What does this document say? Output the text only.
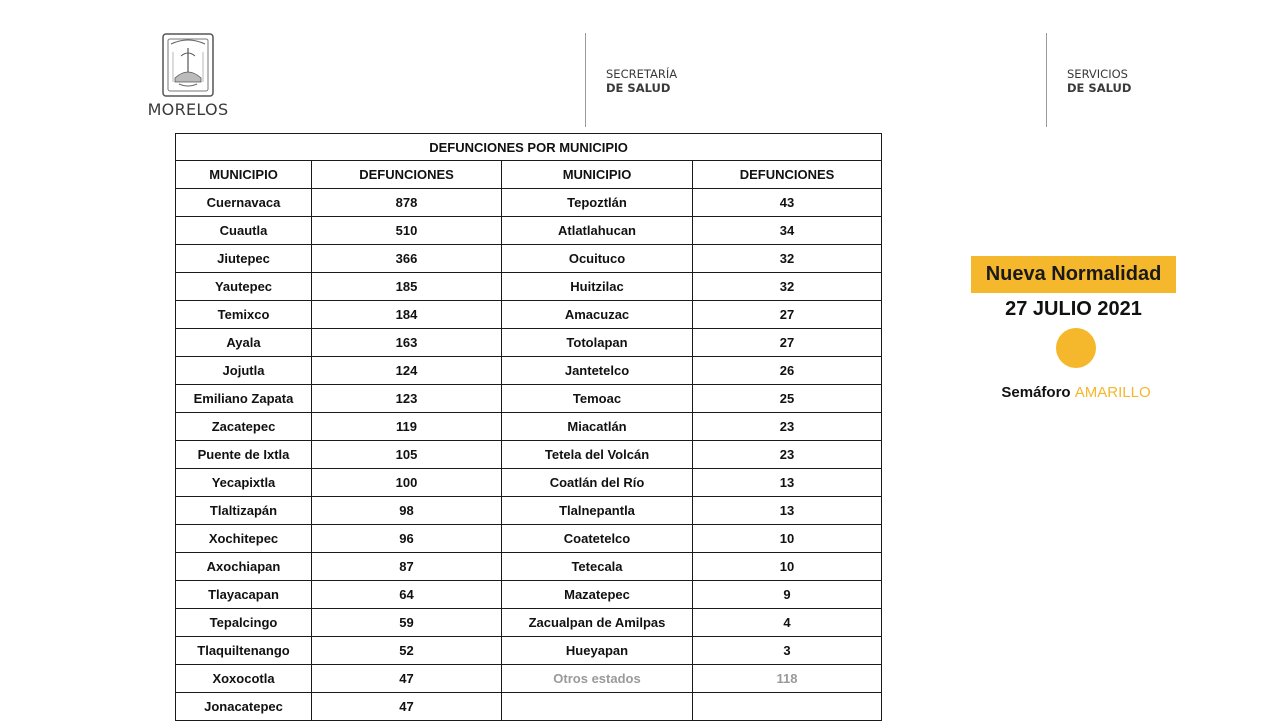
MORELOS
SECRETARÍA
DE SALUD
SERVICIOS
DE SALUD
DEFUNCIONES POR MUNICIPIO			
MUNICIPIO	DEFUNCIONES	MUNICIPIO	DEFUNCIONES
Cuernavaca	878	Tepoztlán	43
Cuautla	510	Atlatlahucan	34
Jiutepec	366	Ocuituco	32
Yautepec	185	Huitzilac	32
Temixco	184	Amacuzac	27
Ayala	163	Totolapan	27
Jojutla	124	Jantetelco	26
Emiliano Zapata	123	Temoac	25
Zacatepec	119	Miacatlán	23
Puente de Ixtla	105	Tetela del Volcán	23
Yecapixtla	100	Coatlán del Río	13
Tlaltizapán	98	Tlalnepantla	13
Xochitepec	96	Coatetelco	10
Axochiapan	87	Tetecala	10
Tlayacapan	64	Mazatepec	9
Tepalcingo	59	Zacualpan de Amilpas	4
Tlaquiltenango	52	Hueyapan	3
Xoxocotla	47	Otros estados	118
Jonacatepec	47		
Nueva Normalidad
27 JULIO 2021
Semáforo AMARILLO
